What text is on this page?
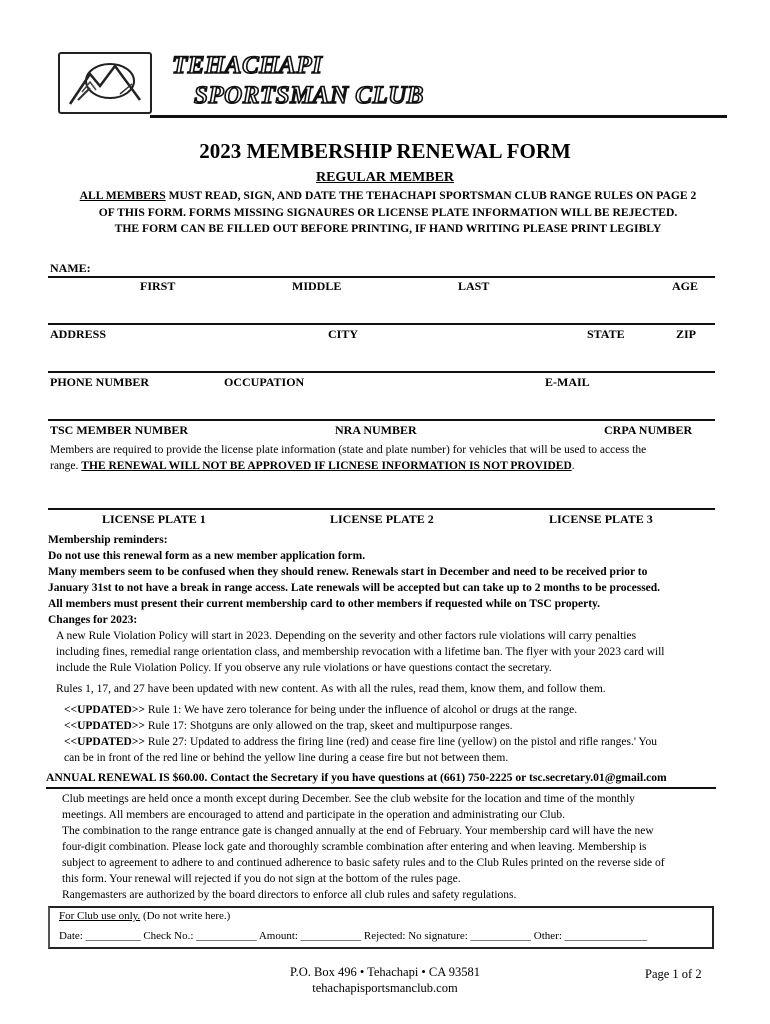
TEHACHAPI
SPORTSMAN CLUB
2023 MEMBERSHIP RENEWAL FORM
REGULAR MEMBER
ALL MEMBERS MUST READ, SIGN, AND DATE THE TEHACHAPI SPORTSMAN CLUB RANGE RULES ON PAGE 2
OF THIS FORM. FORMS MISSING SIGNAURES OR LICENSE PLATE INFORMATION WILL BE REJECTED.
THE FORM CAN BE FILLED OUT BEFORE PRINTING, IF HAND WRITING PLEASE PRINT LEGIBLY
NAME:
FIRST	MIDDLE	LAST	AGE
ADDRESS	CITY	STATE	ZIP
PHONE NUMBER	OCCUPATION	E-MAIL
TSC MEMBER NUMBER	NRA NUMBER	CRPA NUMBER
Members are required to provide the license plate information (state and plate number) for vehicles that will be used to access the
range. THE RENEWAL WILL NOT BE APPROVED IF LICNESE INFORMATION IS NOT PROVIDED.
LICENSE PLATE 1	LICENSE PLATE 2	LICENSE PLATE 3
Membership reminders:
Do not use this renewal form as a new member application form.
Many members seem to be confused when they should renew. Renewals start in December and need to be received prior to
January 31st to not have a break in range access. Late renewals will be accepted but can take up to 2 months to be processed.
All members must present their current membership card to other members if requested while on TSC property.
Changes for 2023:
A new Rule Violation Policy will start in 2023. Depending on the severity and other factors rule violations will carry penalties
including fines, remedial range orientation class, and membership revocation with a lifetime ban. The flyer with your 2023 card will
include the Rule Violation Policy. If you observe any rule violations or have questions contact the secretary.
Rules 1, 17, and 27 have been updated with new content. As with all the rules, read them, know them, and follow them.
<<UPDATED>> Rule 1: We have zero tolerance for being under the influence of alcohol or drugs at the range.
<<UPDATED>> Rule 17: Shotguns are only allowed on the trap, skeet and multipurpose ranges.
<<UPDATED>> Rule 27: Updated to address the firing line (red) and cease fire line (yellow) on the pistol and rifle ranges.' You
can be in front of the red line or behind the yellow line during a cease fire but not between them.
ANNUAL RENEWAL IS $60.00. Contact the Secretary if you have questions at (661) 750-2225 or tsc.secretary.01@gmail.com
Club meetings are held once a month except during December. See the club website for the location and time of the monthly
meetings. All members are encouraged to attend and participate in the operation and administrating our Club.
The combination to the range entrance gate is changed annually at the end of February. Your membership card will have the new
four-digit combination. Please lock gate and thoroughly scramble combination after entering and when leaving. Membership is
subject to agreement to adhere to and continued adherence to basic safety rules and to the Club Rules printed on the reverse side of
this form. Your renewal will rejected if you do not sign at the bottom of the rules page.
Rangemasters are authorized by the board directors to enforce all club rules and safety regulations.
For Club use only. (Do not write here.)
Date: __________ Check No.: ___________ Amount: ___________ Rejected: No signature: ___________ Other: _______________
P.O. Box 496 • Tehachapi • CA 93581
tehachapisportsmanclub.com
Page 1 of 2
